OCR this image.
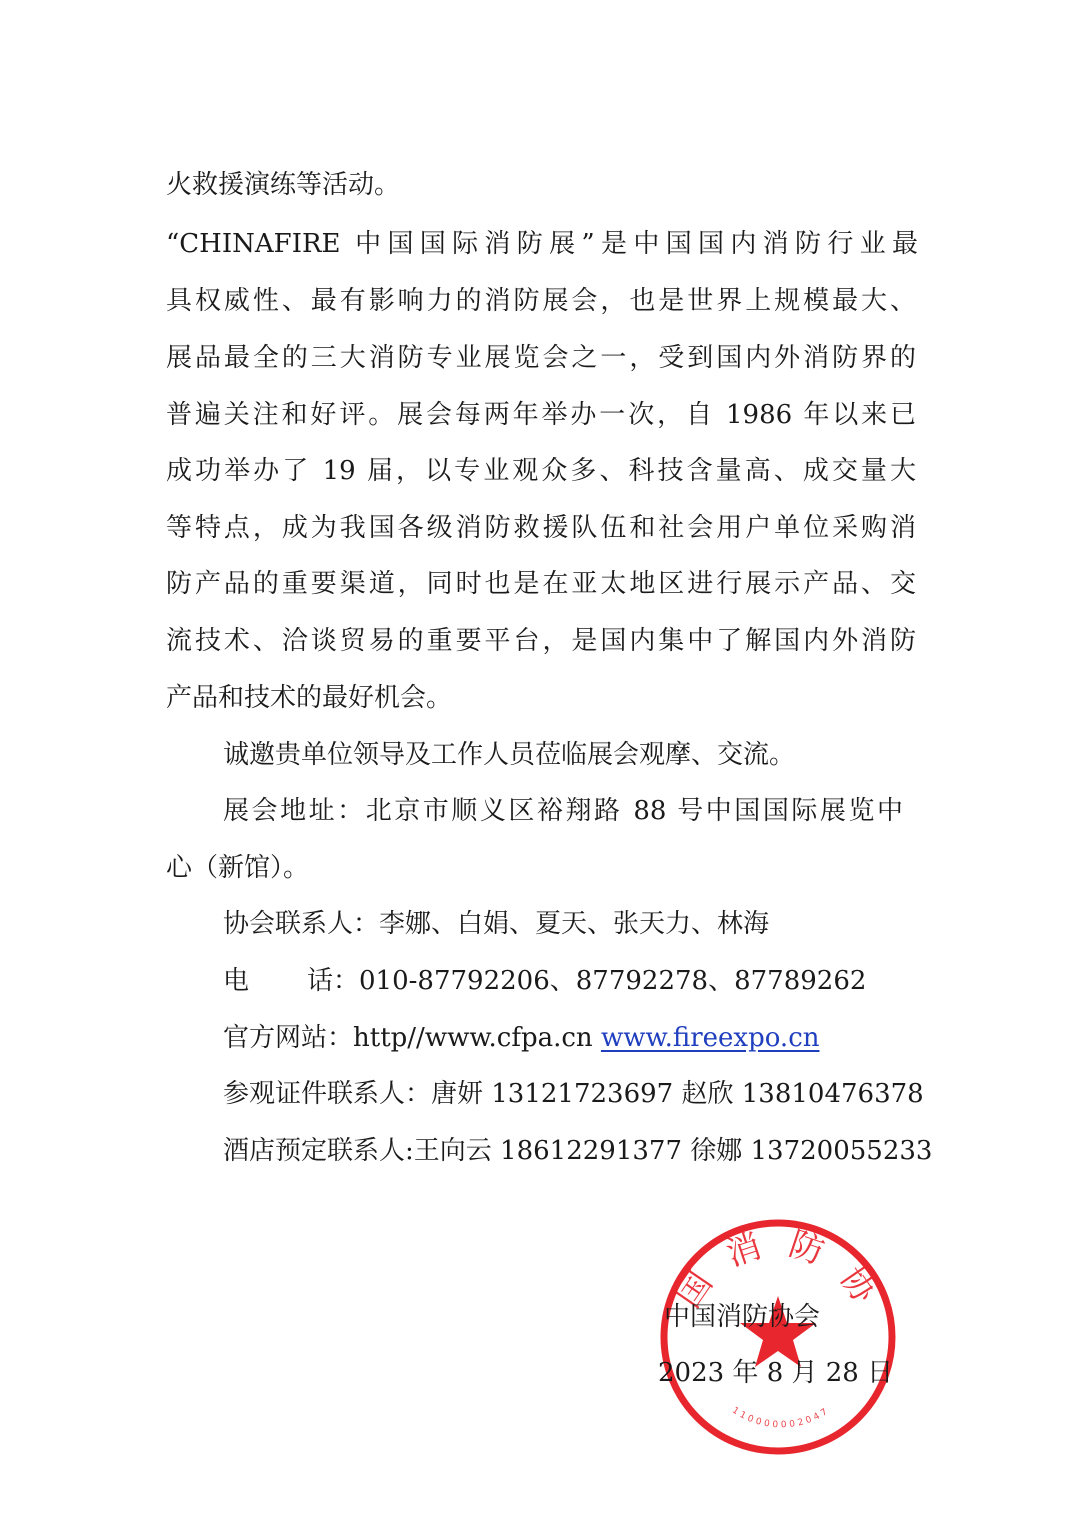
火救援演练等活动。
“CHINAFIRE 中国国际消防展”是中国国内消防行业最
具权威性、最有影响力的消防展会，也是世界上规模最大、
展品最全的三大消防专业展览会之一，受到国内外消防界的
普遍关注和好评。展会每两年举办一次，自 1986 年以来已
成功举办了 19 届，以专业观众多、科技含量高、成交量大
等特点，成为我国各级消防救援队伍和社会用户单位采购消
防产品的重要渠道，同时也是在亚太地区进行展示产品、交
流技术、洽谈贸易的重要平台，是国内集中了解国内外消防
产品和技术的最好机会。
诚邀贵单位领导及工作人员莅临展会观摩、交流。
展会地址：北京市顺义区裕翔路 88 号中国国际展览中
心（新馆）。
协会联系人：李娜、白娟、夏天、张天力、林海
电 话：010-87792206、87792278、87789262
官方网站：http//www.cfpa.cn www.fireexpo.cn
参观证件联系人：唐妍 13121723697 赵欣 13810476378
酒店预定联系人:王向云 18612291377 徐娜 13720055233
国 消 防 协
110000002047
中国消防协会
2023 年 8 月 28 日
